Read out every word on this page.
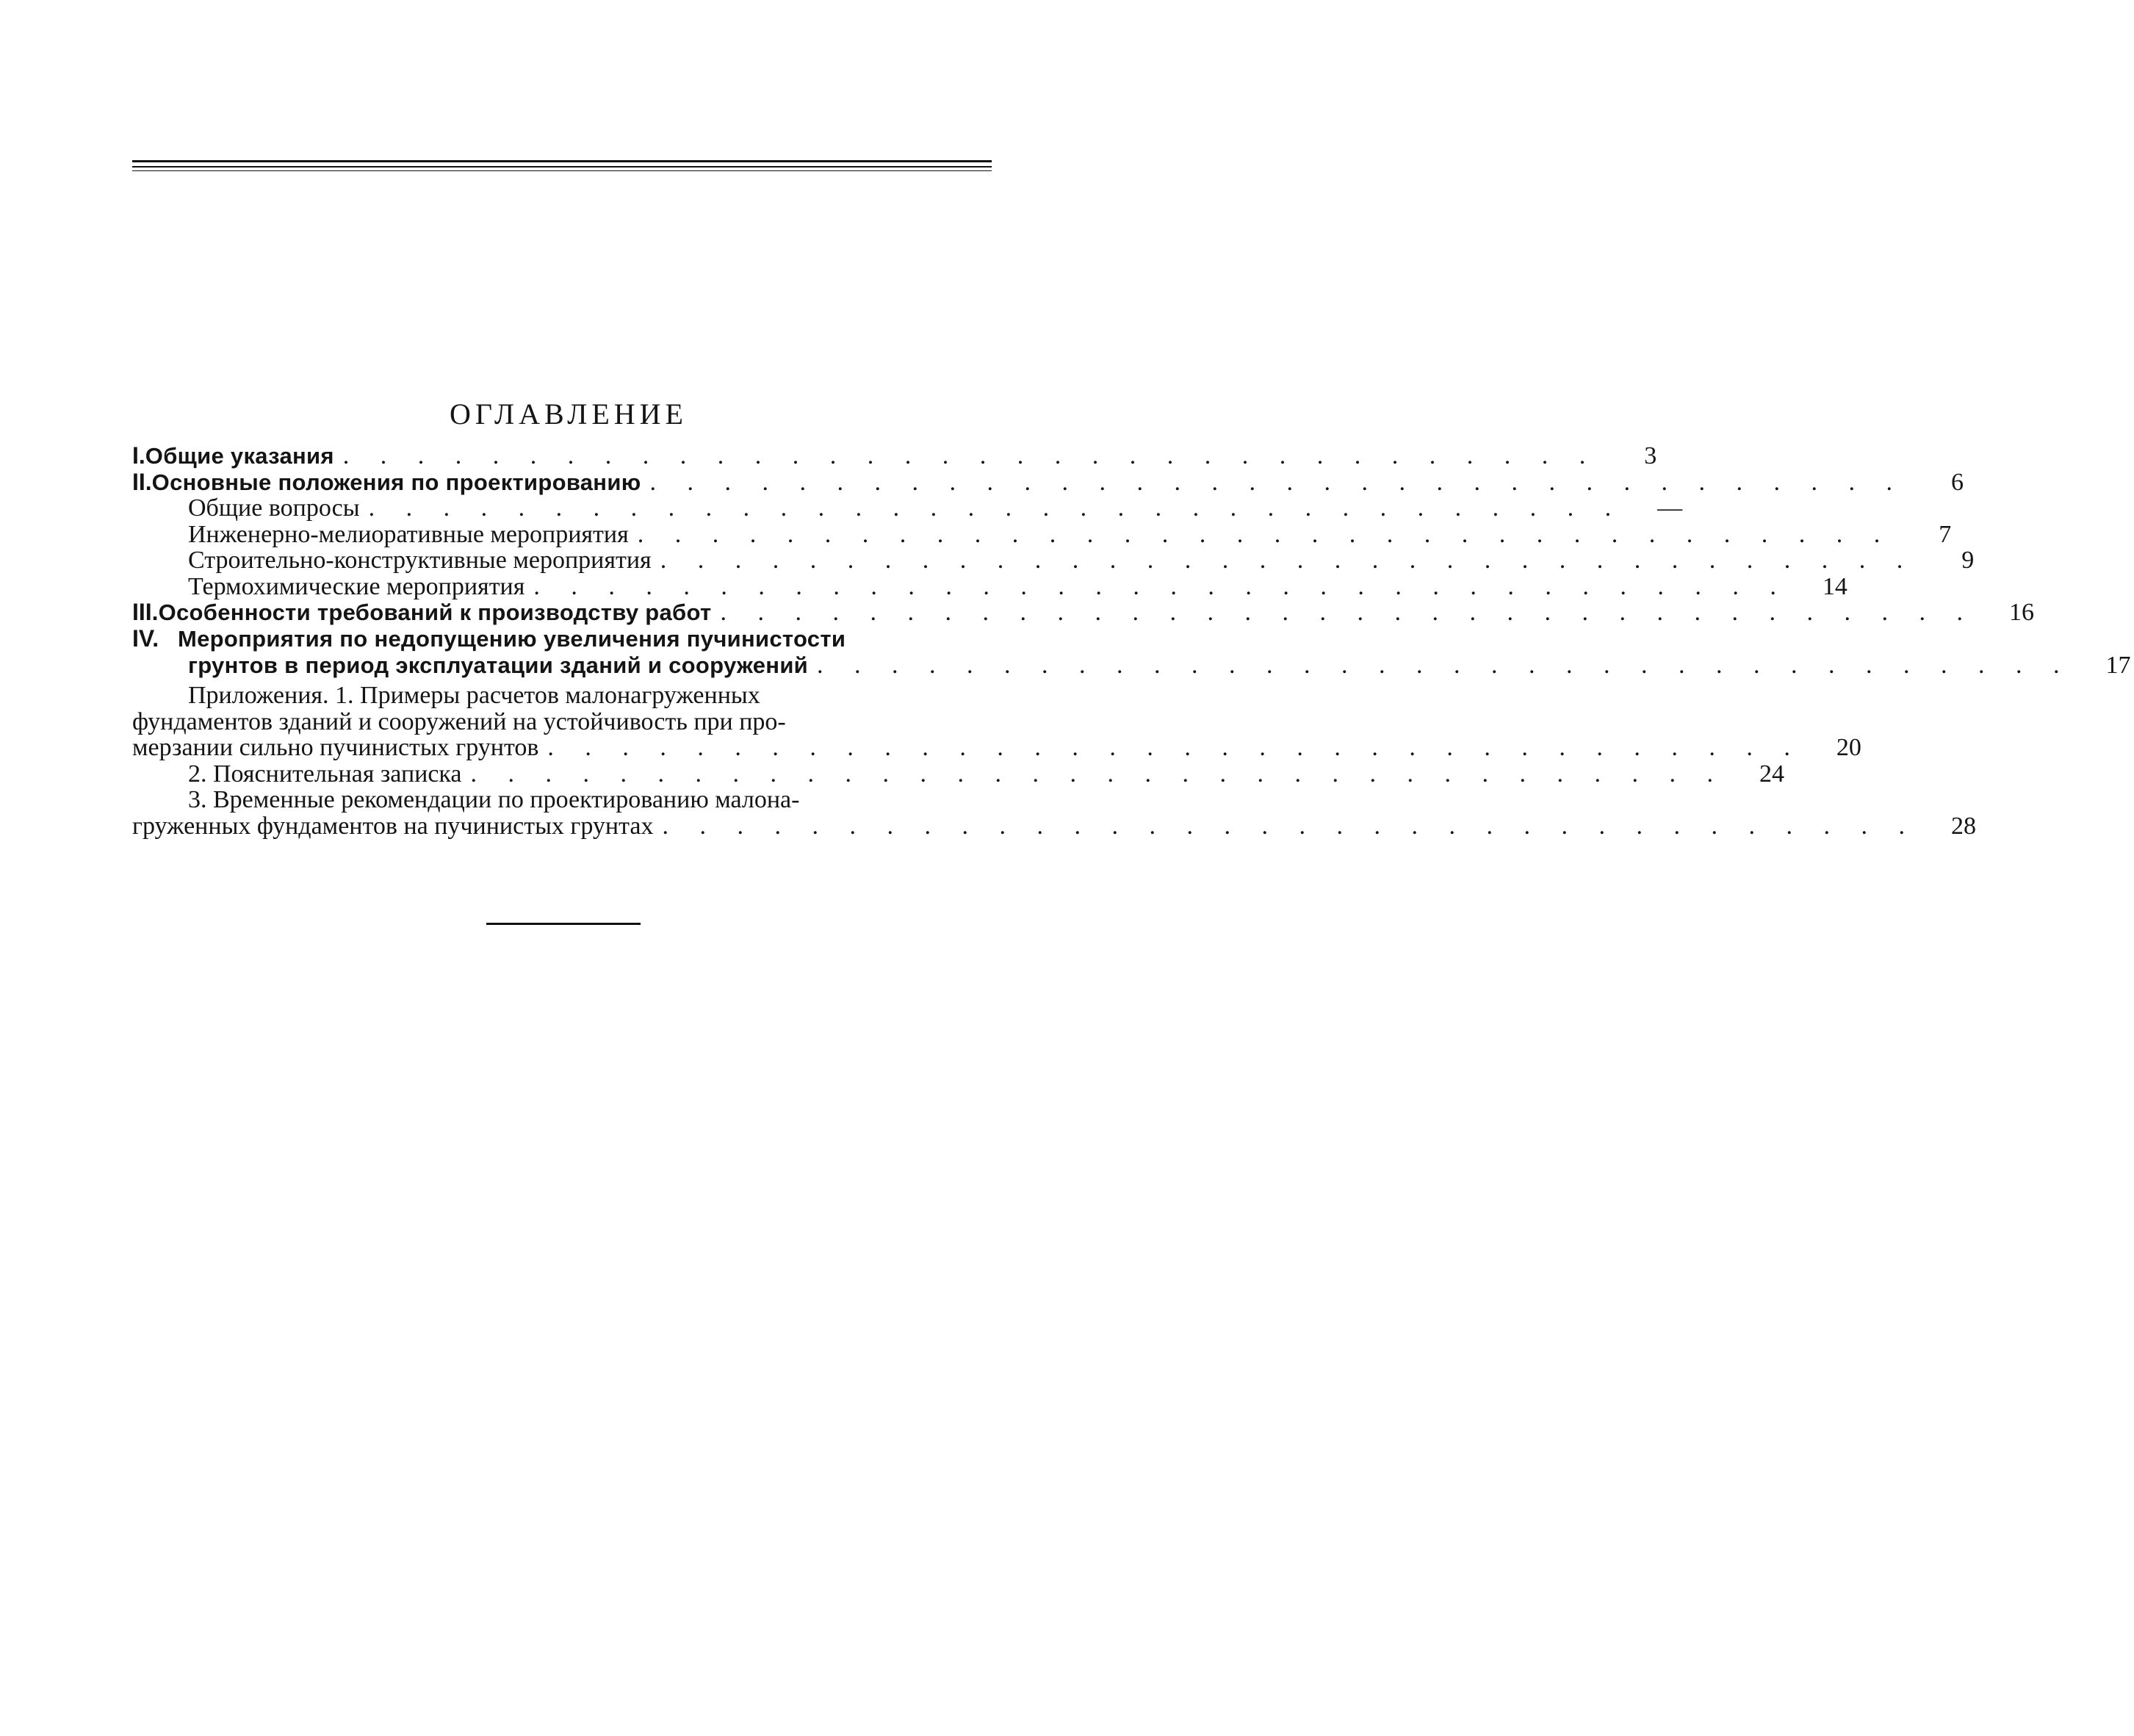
ОГЛАВЛЕНИЕ
I. Общие указания . . . . . . . . . . . . . . . . . . . . . . . . . . . . . . . . . .	3
II. Основные положения по проектированию . . . . . . . . . . . . . . . . . . . . . . . . . . . . . . . . . .	6
Общие вопросы . . . . . . . . . . . . . . . . . . . . . . . . . . . . . . . . . .	—
Инженерно-мелиоративные мероприятия . . . . . . . . . . . . . . . . . . . . . . . . . . . . . . . . . .	7
Строительно-конструктивные мероприятия . . . . . . . . . . . . . . . . . . . . . . . . . . . . . . . . . .	9
Термохимические мероприятия . . . . . . . . . . . . . . . . . . . . . . . . . . . . . . . . . .	14
III. Особенности требований к производству работ . . . . . . . . . . . . . . . . . . . . . . . . . . . . . . . . . .	16
IV. Мероприятия по недопущению увеличения пучинистости
грунтов в период эксплуатации зданий и сооружений . . . . . . . . . . . . . . . . . . . . . . . . . . . . . . . . . .	17
Приложения. 1. Примеры расчетов малонагруженных
фундаментов зданий и сооружений на устойчивость при про-
мерзании сильно пучинистых грунтов . . . . . . . . . . . . . . . . . . . . . . . . . . . . . . . . . .	20
2. Пояснительная записка . . . . . . . . . . . . . . . . . . . . . . . . . . . . . . . . . .	24
3. Временные рекомендации по проектированию малона-
груженных фундаментов на пучинистых грунтах . . . . . . . . . . . . . . . . . . . . . . . . . . . . . . . . . .	28
